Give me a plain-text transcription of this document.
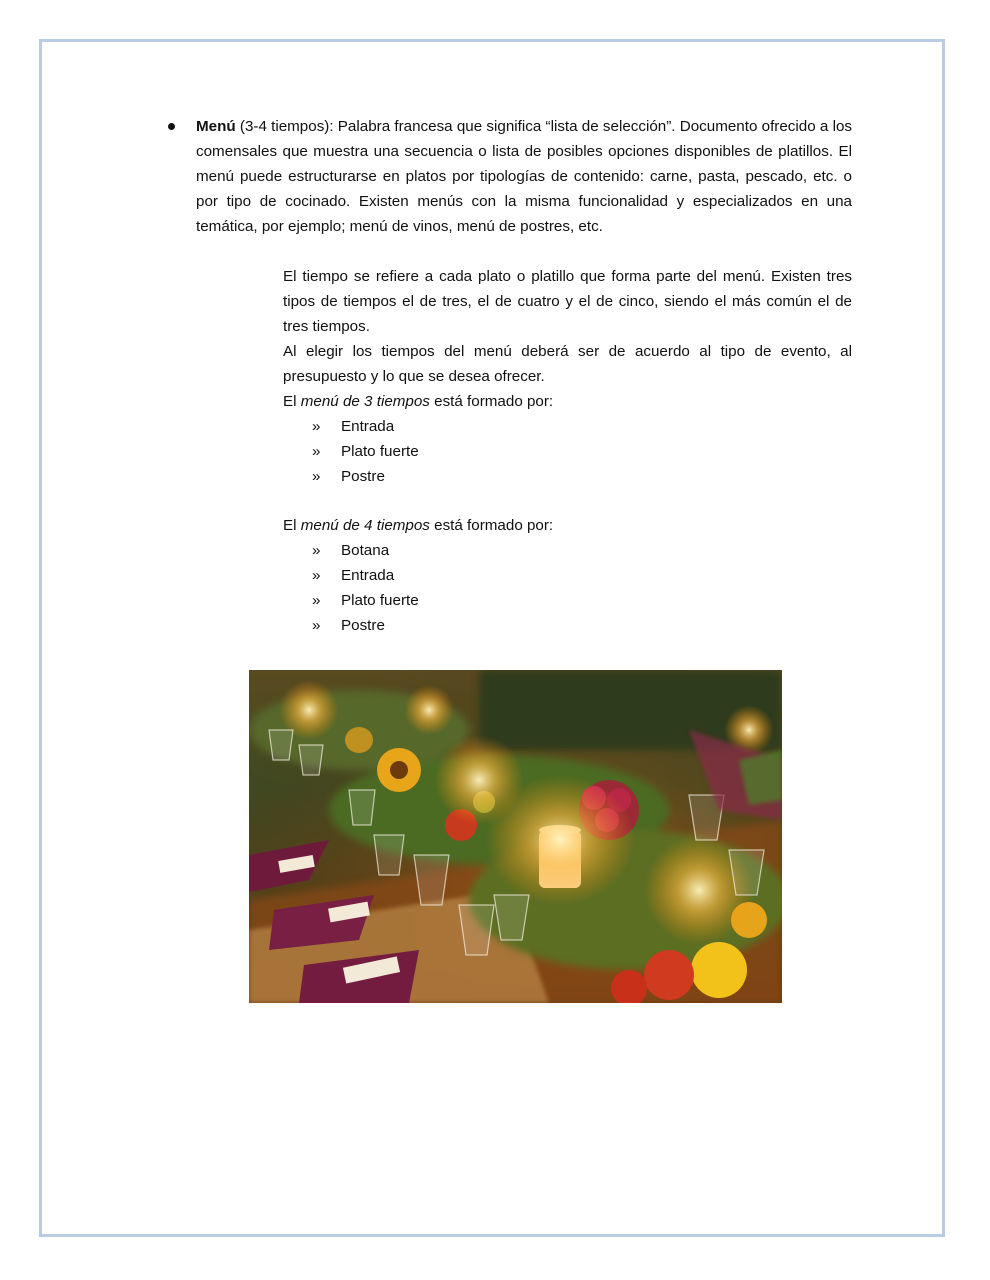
Menú (3-4 tiempos): Palabra francesa que significa “lista de selección”. Documento ofrecido a los comensales que muestra una secuencia o lista de posibles opciones disponibles de platillos. El menú puede estructurarse en platos por tipologías de contenido: carne, pasta, pescado, etc. o por tipo de cocinado. Existen menús con la misma funcionalidad y especializados en una temática, por ejemplo; menú de vinos, menú de postres, etc.

El tiempo se refiere a cada plato o platillo que forma parte del menú. Existen tres tipos de tiempos el de tres, el de cuatro y el de cinco, siendo el más común el de tres tiempos.

Al elegir los tiempos del menú deberá ser de acuerdo al tipo de evento, al presupuesto y lo que se desea ofrecer.

El menú de 3 tiempos está formado por:

» Entrada
» Plato fuerte
» Postre

El menú de 4 tiempos está formado por:

» Botana
» Entrada
» Plato fuerte
» Postre
